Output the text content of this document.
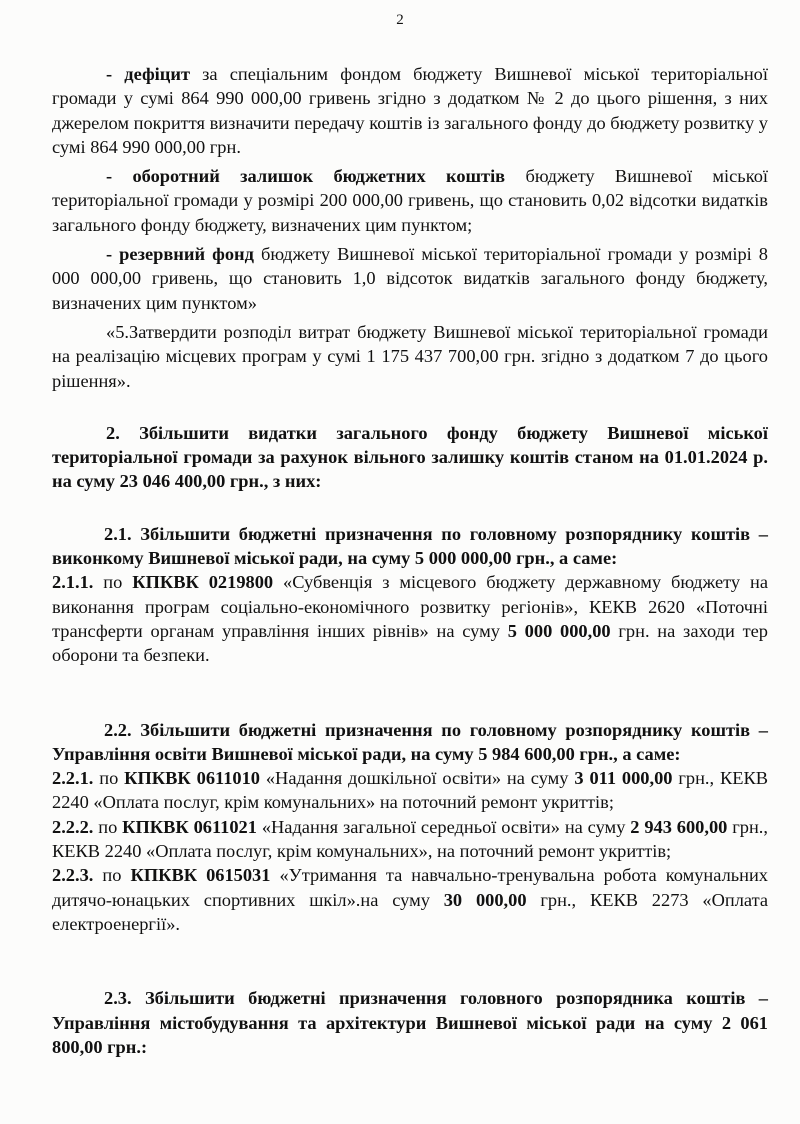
2

- дефіцит за спеціальним фондом бюджету Вишневої міської територіальної громади у сумі 864 990 000,00 гривень згідно з додатком № 2 до цього рішення, з них джерелом покриття визначити передачу коштів із загального фонду до бюджету розвитку у сумі 864 990 000,00 грн.

- оборотний залишок бюджетних коштів бюджету Вишневої міської територіальної громади у розмірі 200 000,00 гривень, що становить 0,02 відсотки видатків загального фонду бюджету, визначених цим пунктом;

- резервний фонд бюджету Вишневої міської територіальної громади у розмірі 8 000 000,00 гривень, що становить 1,0 відсоток видатків загального фонду бюджету, визначених цим пунктом»

«5.Затвердити розподіл витрат бюджету Вишневої міської територіальної громади на реалізацію місцевих програм у сумі 1 175 437 700,00 грн. згідно з додатком 7 до цього рішення».

2. Збільшити видатки загального фонду бюджету Вишневої міської територіальної громади за рахунок вільного залишку коштів станом на 01.01.2024 р. на суму 23 046 400,00 грн., з них:

2.1. Збільшити бюджетні призначення по головному розпоряднику коштів – виконкому Вишневої міської ради, на суму 5 000 000,00 грн., а саме:

2.1.1. по КПКВК 0219800 «Субвенція з місцевого бюджету державному бюджету на виконання програм соціально-економічного розвитку регіонів», КЕКВ 2620 «Поточні трансферти органам управління інших рівнів» на суму 5 000 000,00 грн. на заходи тер оборони та безпеки.

2.2. Збільшити бюджетні призначення по головному розпоряднику коштів – Управління освіти Вишневої міської ради, на суму 5 984 600,00 грн., а саме:

2.2.1. по КПКВК 0611010 «Надання дошкільної освіти» на суму 3 011 000,00 грн., КЕКВ 2240 «Оплата послуг, крім комунальних» на поточний ремонт укриттів;

2.2.2. по КПКВК 0611021 «Надання загальної середньої освіти» на суму 2 943 600,00 грн., КЕКВ 2240 «Оплата послуг, крім комунальних», на поточний ремонт укриттів;

2.2.3. по КПКВК 0615031 «Утримання та навчально-тренувальна робота комунальних дитячо-юнацьких спортивних шкіл».на суму 30 000,00 грн., КЕКВ 2273 «Оплата електроенергії».

2.3. Збільшити бюджетні призначення головного розпорядника коштів – Управління містобудування та архітектури Вишневої міської ради на суму 2 061 800,00 грн.:
